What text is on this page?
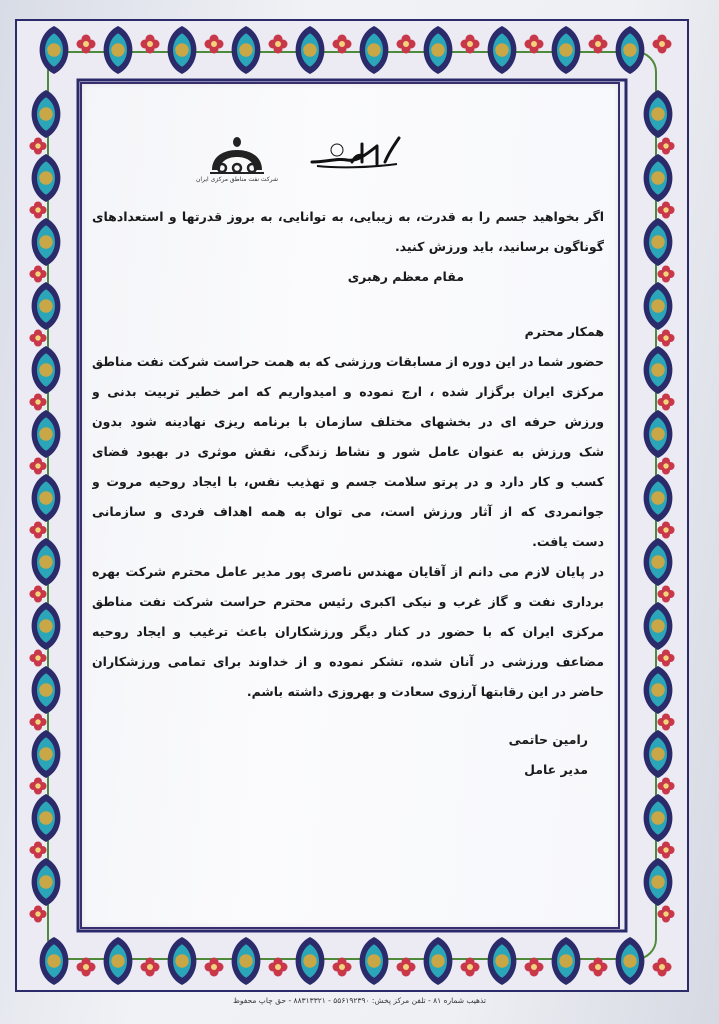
شرکت نفت مناطق مرکزی ایران
اگر بخواهید جسم را به قدرت، به زیبایی، به توانایی، به بروز قدرتها و استعدادهای
گوناگون برسانید، باید ورزش کنید.
مقام معظم رهبری
همکار محترم
حضور شما در این دوره از مسابقات ورزشی که به همت حراست شرکت نفت مناطق
مرکزی ایران برگزار شده ، ارج نموده و امیدواریم که امر خطیر تربیت بدنی و
ورزش حرفه ای در بخشهای مختلف سازمان با برنامه ریزی نهادینه شود بدون
شک ورزش به عنوان عامل شور و نشاط زندگی، نقش موثری در بهبود فضای
کسب و کار دارد و در پرتو سلامت جسم و تهذیب نفس، با ایجاد روحیه مروت و
جوانمردی که از آثار ورزش است، می توان به همه اهداف فردی و سازمانی
دست یافت.
در پایان لازم می دانم از آقایان مهندس ناصری پور مدیر عامل محترم شرکت بهره
برداری نفت و گاز غرب و نیکی اکبری رئیس محترم حراست شرکت نفت مناطق
مرکزی ایران که با حضور در کنار دیگر ورزشکاران باعث ترغیب و ایجاد روحیه
مضاعف ورزشی در آنان شده، تشکر نموده و از خداوند برای تمامی ورزشکاران
حاضر در این رقابتها آرزوی سعادت و بهروزی داشته باشم.
رامین حاتمی
مدیر عامل
تذهیب شماره ۸۱ - تلفن مرکز پخش: ۵۵۶۱۹۲۳۹۰ - ۸۸۳۱۳۳۲۱ - حق چاپ محفوظ
